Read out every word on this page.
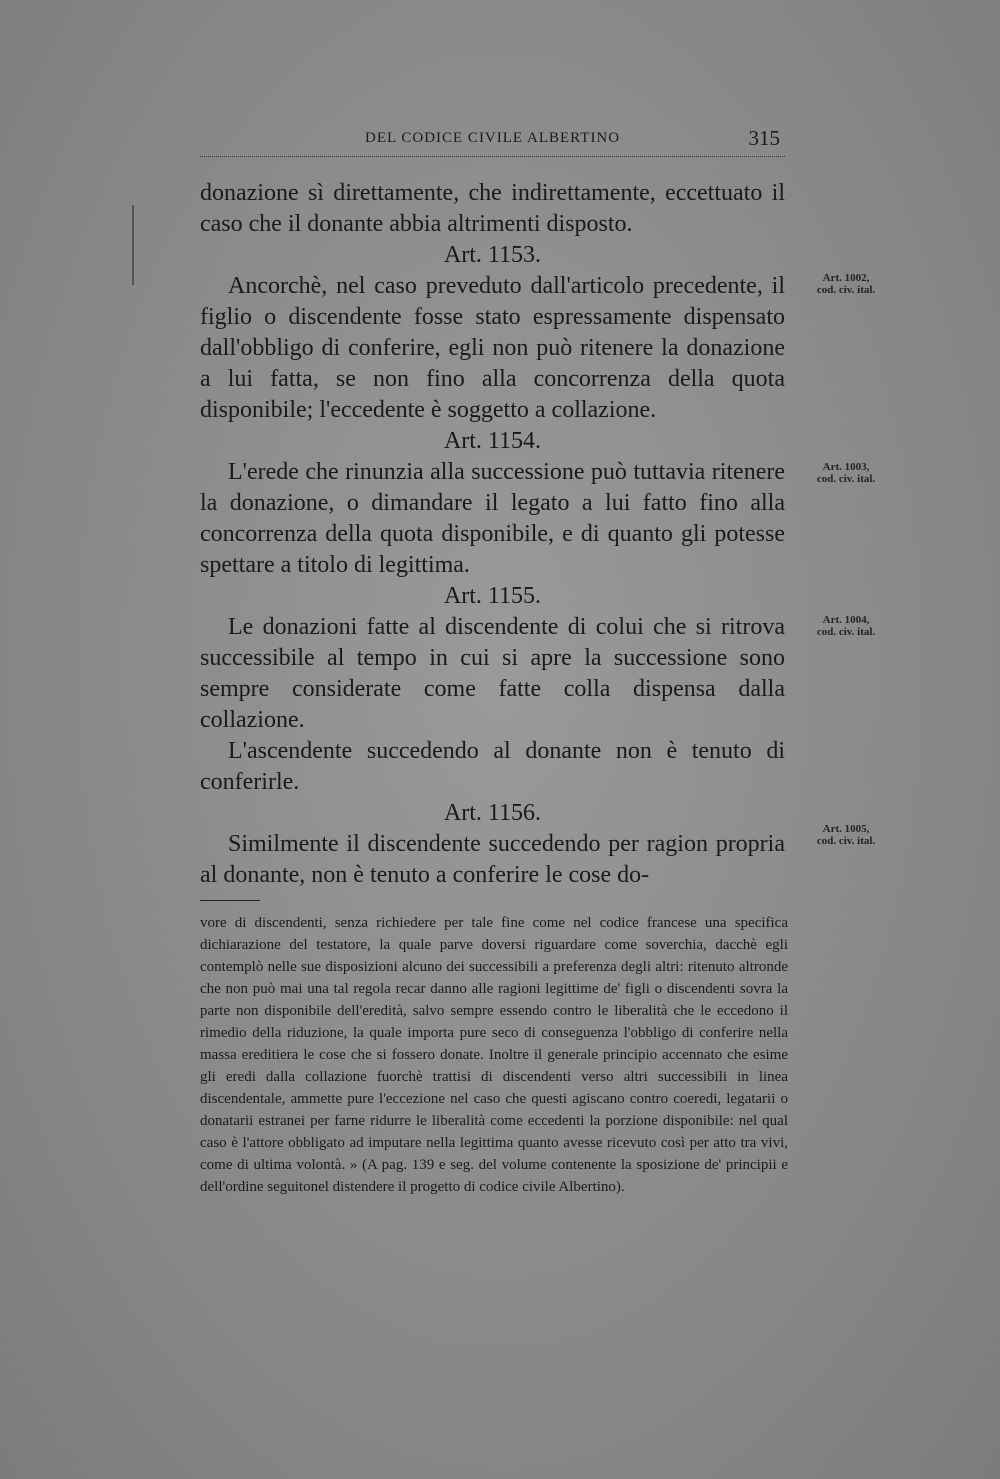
DEL CODICE CIVILE ALBERTINO	315

donazione sì direttamente, che indirettamente, eccettuato il caso che il donante abbia altrimenti disposto.

Art. 1153.

Ancorchè, nel caso preveduto dall'articolo precedente, il figlio o discendente fosse stato espressamente dispensato dall'obbligo di conferire, egli non può ritenere la donazione a lui fatta, se non fino alla concorrenza della quota disponibile; l'eccedente è soggetto a collazione.

Art. 1154.

L'erede che rinunzia alla successione può tuttavia ritenere la donazione, o dimandare il legato a lui fatto fino alla concorrenza della quota disponibile, e di quanto gli potesse spettare a titolo di legittima.

Art. 1155.

Le donazioni fatte al discendente di colui che si ritrova successibile al tempo in cui si apre la successione sono sempre considerate come fatte colla dispensa dalla collazione.

L'ascendente succedendo al donante non è tenuto di conferirle.

Art. 1156.

Similmente il discendente succedendo per ragion propria al donante, non è tenuto a conferire le cose do-

Art. 1002,
cod. civ. ital.
Art. 1003,
cod. civ. ital.
Art. 1004,
cod. civ. ital.
Art. 1005,
cod. civ. ital.

vore di discendenti, senza richiedere per tale fine come nel codice francese una specifica dichiarazione del testatore, la quale parve doversi riguardare come soverchia, dacchè egli contemplò nelle sue disposizioni alcuno dei successibili a preferenza degli altri: ritenuto altronde che non può mai una tal regola recar danno alle ragioni legittime de' figli o discendenti sovra la parte non disponibile dell'eredità, salvo sempre essendo contro le liberalità che le eccedono il rimedio della riduzione, la quale importa pure seco di conseguenza l'obbligo di conferire nella massa ereditiera le cose che si fossero donate. Inoltre il generale principio accennato che esime gli eredi dalla collazione fuorchè trattisi di discendenti verso altri successibili in linea discendentale, ammette pure l'eccezione nel caso che questi agiscano contro coeredi, legatarii o donatarii estranei per farne ridurre le liberalità come eccedenti la porzione disponibile: nel qual caso è l'attore obbligato ad imputare nella legittima quanto avesse ricevuto così per atto tra vivi, come di ultima volontà. » (A pag. 139 e seg. del volume contenente la sposizione de' principii e dell'ordine seguitonel distendere il progetto di codice civile Albertino).
